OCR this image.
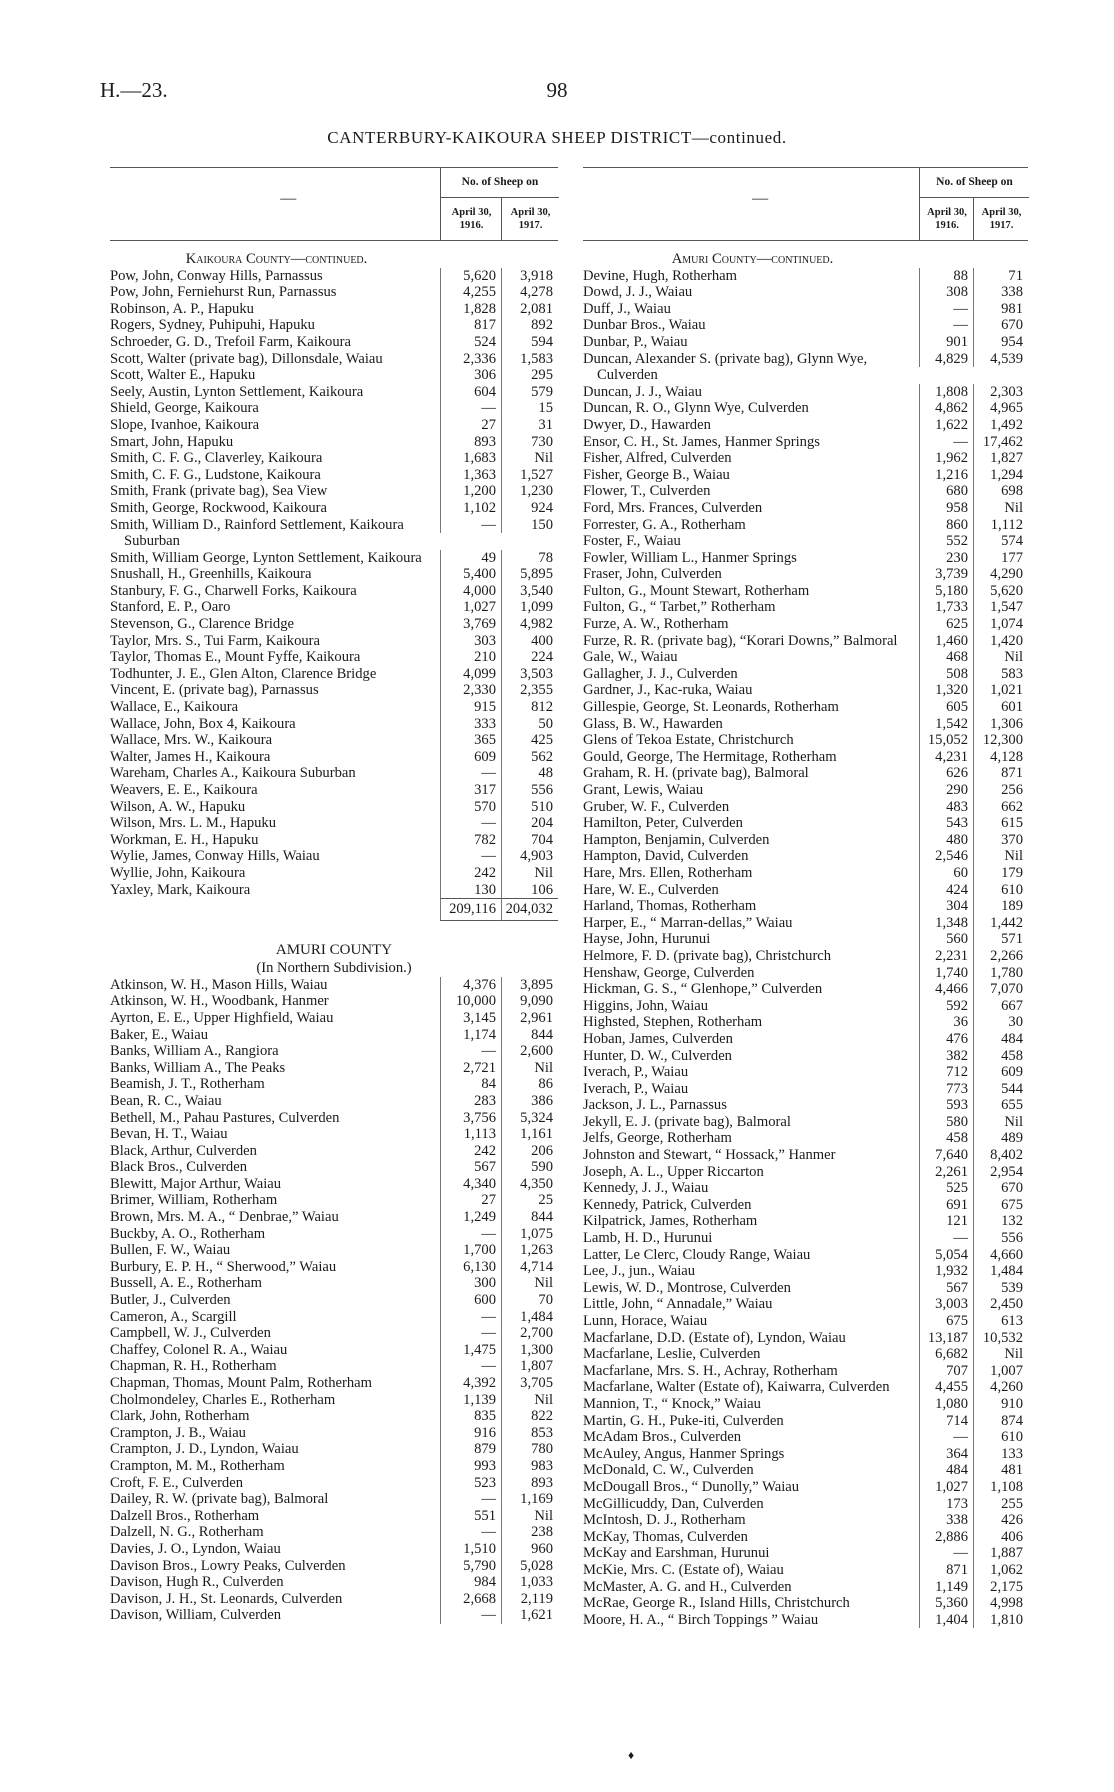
H.—23.	98
CANTERBURY-KAIKOURA SHEEP DISTRICT—continued.
—
No. of Sheep on
April 30, 1916.
April 30, 1917.
Kaikoura County—continued.
Pow, John, Conway Hills, Parnassus	5,620	3,918
Pow, John, Ferniehurst Run, Parnassus	4,255	4,278
Robinson, A. P., Hapuku	1,828	2,081
Rogers, Sydney, Puhipuhi, Hapuku	817	892
Schroeder, G. D., Trefoil Farm, Kaikoura	524	594
Scott, Walter (private bag), Dillonsdale, Waiau	2,336	1,583
Scott, Walter E., Hapuku	306	295
Seely, Austin, Lynton Settlement, Kaikoura	604	579
Shield, George, Kaikoura	—	15
Slope, Ivanhoe, Kaikoura	27	31
Smart, John, Hapuku	893	730
Smith, C. F. G., Claverley, Kaikoura	1,683	Nil
Smith, C. F. G., Ludstone, Kaikoura	1,363	1,527
Smith, Frank (private bag), Sea View	1,200	1,230
Smith, George, Rockwood, Kaikoura	1,102	924
Smith, William D., Rainford Settlement, Kaikoura Suburban
—	150
Smith, William George, Lynton Settlement, Kaikoura	49	78
Snushall, H., Greenhills, Kaikoura	5,400	5,895
Stanbury, F. G., Charwell Forks, Kaikoura	4,000	3,540
Stanford, E. P., Oaro	1,027	1,099
Stevenson, G., Clarence Bridge	3,769	4,982
Taylor, Mrs. S., Tui Farm, Kaikoura	303	400
Taylor, Thomas E., Mount Fyffe, Kaikoura	210	224
Todhunter, J. E., Glen Alton, Clarence Bridge	4,099	3,503
Vincent, E. (private bag), Parnassus	2,330	2,355
Wallace, E., Kaikoura	915	812
Wallace, John, Box 4, Kaikoura	333	50
Wallace, Mrs. W., Kaikoura	365	425
Walter, James H., Kaikoura	609	562
Wareham, Charles A., Kaikoura Suburban	—	48
Weavers, E. E., Kaikoura	317	556
Wilson, A. W., Hapuku	570	510
Wilson, Mrs. L. M., Hapuku	—	204
Workman, E. H., Hapuku	782	704
Wylie, James, Conway Hills, Waiau	—	4,903
Wyllie, John, Kaikoura	242	Nil
Yaxley, Mark, Kaikoura	130	106
209,116 204,032
AMURI COUNTY
(In Northern Subdivision.)
Atkinson, W. H., Mason Hills, Waiau	4,376	3,895
Atkinson, W. H., Woodbank, Hanmer	10,000	9,090
Ayrton, E. E., Upper Highfield, Waiau	3,145	2,961
Baker, E., Waiau	1,174	844
Banks, William A., Rangiora	—	2,600
Banks, William A., The Peaks	2,721	Nil
Beamish, J. T., Rotherham	84	86
Bean, R. C., Waiau	283	386
Bethell, M., Pahau Pastures, Culverden	3,756	5,324
Bevan, H. T., Waiau	1,113	1,161
Black, Arthur, Culverden	242	206
Black Bros., Culverden	567	590
Blewitt, Major Arthur, Waiau	4,340	4,350
Brimer, William, Rotherham	27	25
Brown, Mrs. M. A., “ Denbrae,” Waiau	1,249	844
Buckby, A. O., Rotherham	—	1,075
Bullen, F. W., Waiau	1,700	1,263
Burbury, E. P. H., “ Sherwood,” Waiau	6,130	4,714
Bussell, A. E., Rotherham	300	Nil
Butler, J., Culverden	600	70
Cameron, A., Scargill	—	1,484
Campbell, W. J., Culverden	—	2,700
Chaffey, Colonel R. A., Waiau	1,475	1,300
Chapman, R. H., Rotherham	—	1,807
Chapman, Thomas, Mount Palm, Rotherham	4,392	3,705
Cholmondeley, Charles E., Rotherham	1,139	Nil
Clark, John, Rotherham	835	822
Crampton, J. B., Waiau	916	853
Crampton, J. D., Lyndon, Waiau	879	780
Crampton, M. M., Rotherham	993	983
Croft, F. E., Culverden	523	893
Dailey, R. W. (private bag), Balmoral	—	1,169
Dalzell Bros., Rotherham	551	Nil
Dalzell, N. G., Rotherham	—	238
Davies, J. O., Lyndon, Waiau	1,510	960
Davison Bros., Lowry Peaks, Culverden	5,790	5,028
Davison, Hugh R., Culverden	984	1,033
Davison, J. H., St. Leonards, Culverden	2,668	2,119
Davison, William, Culverden	—	1,621
—
No. of Sheep on
April 30, 1916.
April 30, 1917.
Amuri County—continued.
Devine, Hugh, Rotherham	88	71
Dowd, J. J., Waiau	308	338
Duff, J., Waiau	—	981
Dunbar Bros., Waiau	—	670
Dunbar, P., Waiau	901	954
Duncan, Alexander S. (private bag), Glynn Wye, Culverden
4,829	4,539
Duncan, J. J., Waiau	1,808	2,303
Duncan, R. O., Glynn Wye, Culverden	4,862	4,965
Dwyer, D., Hawarden	1,622	1,492
Ensor, C. H., St. James, Hanmer Springs	—	17,462
Fisher, Alfred, Culverden	1,962	1,827
Fisher, George B., Waiau	1,216	1,294
Flower, T., Culverden	680	698
Ford, Mrs. Frances, Culverden	958	Nil
Forrester, G. A., Rotherham	860	1,112
Foster, F., Waiau	552	574
Fowler, William L., Hanmer Springs	230	177
Fraser, John, Culverden	3,739	4,290
Fulton, G., Mount Stewart, Rotherham	5,180	5,620
Fulton, G., “ Tarbet,” Rotherham	1,733	1,547
Furze, A. W., Rotherham	625	1,074
Furze, R. R. (private bag), “Korari Downs,” Balmoral	1,460	1,420
Gale, W., Waiau	468	Nil
Gallagher, J. J., Culverden	508	583
Gardner, J., Kac-ruka, Waiau	1,320	1,021
Gillespie, George, St. Leonards, Rotherham	605	601
Glass, B. W., Hawarden	1,542	1,306
Glens of Tekoa Estate, Christchurch	15,052	12,300
Gould, George, The Hermitage, Rotherham	4,231	4,128
Graham, R. H. (private bag), Balmoral	626	871
Grant, Lewis, Waiau	290	256
Gruber, W. F., Culverden	483	662
Hamilton, Peter, Culverden	543	615
Hampton, Benjamin, Culverden	480	370
Hampton, David, Culverden	2,546	Nil
Hare, Mrs. Ellen, Rotherham	60	179
Hare, W. E., Culverden	424	610
Harland, Thomas, Rotherham	304	189
Harper, E., “ Marran-dellas,” Waiau	1,348	1,442
Hayse, John, Hurunui	560	571
Helmore, F. D. (private bag), Christchurch	2,231	2,266
Henshaw, George, Culverden	1,740	1,780
Hickman, G. S., “ Glenhope,” Culverden	4,466	7,070
Higgins, John, Waiau	592	667
Highsted, Stephen, Rotherham	36	30
Hoban, James, Culverden	476	484
Hunter, D. W., Culverden	382	458
Iverach, P., Waiau	712	609
Iverach, P., Waiau	773	544
Jackson, J. L., Parnassus	593	655
Jekyll, E. J. (private bag), Balmoral	580	Nil
Jelfs, George, Rotherham	458	489
Johnston and Stewart, “ Hossack,” Hanmer	7,640	8,402
Joseph, A. L., Upper Riccarton	2,261	2,954
Kennedy, J. J., Waiau	525	670
Kennedy, Patrick, Culverden	691	675
Kilpatrick, James, Rotherham	121	132
Lamb, H. D., Hurunui	—	556
Latter, Le Clerc, Cloudy Range, Waiau	5,054	4,660
Lee, J., jun., Waiau	1,932	1,484
Lewis, W. D., Montrose, Culverden	567	539
Little, John, “ Annadale,” Waiau	3,003	2,450
Lunn, Horace, Waiau	675	613
Macfarlane, D.D. (Estate of), Lyndon, Waiau	13,187	10,532
Macfarlane, Leslie, Culverden	6,682	Nil
Macfarlane, Mrs. S. H., Achray, Rotherham	707	1,007
Macfarlane, Walter (Estate of), Kaiwarra, Culverden	4,455	4,260
Mannion, T., “ Knock,” Waiau	1,080	910
Martin, G. H., Puke-iti, Culverden	714	874
McAdam Bros., Culverden	—	610
McAuley, Angus, Hanmer Springs	364	133
McDonald, C. W., Culverden	484	481
McDougall Bros., “ Dunolly,” Waiau	1,027	1,108
McGillicuddy, Dan, Culverden	173	255
McIntosh, D. J., Rotherham	338	426
McKay, Thomas, Culverden	2,886	406
McKay and Earshman, Hurunui	—	1,887
McKie, Mrs. C. (Estate of), Waiau	871	1,062
McMaster, A. G. and H., Culverden	1,149	2,175
McRae, George R., Island Hills, Christchurch	5,360	4,998
Moore, H. A., “ Birch Toppings ” Waiau	1,404	1,810
♦
